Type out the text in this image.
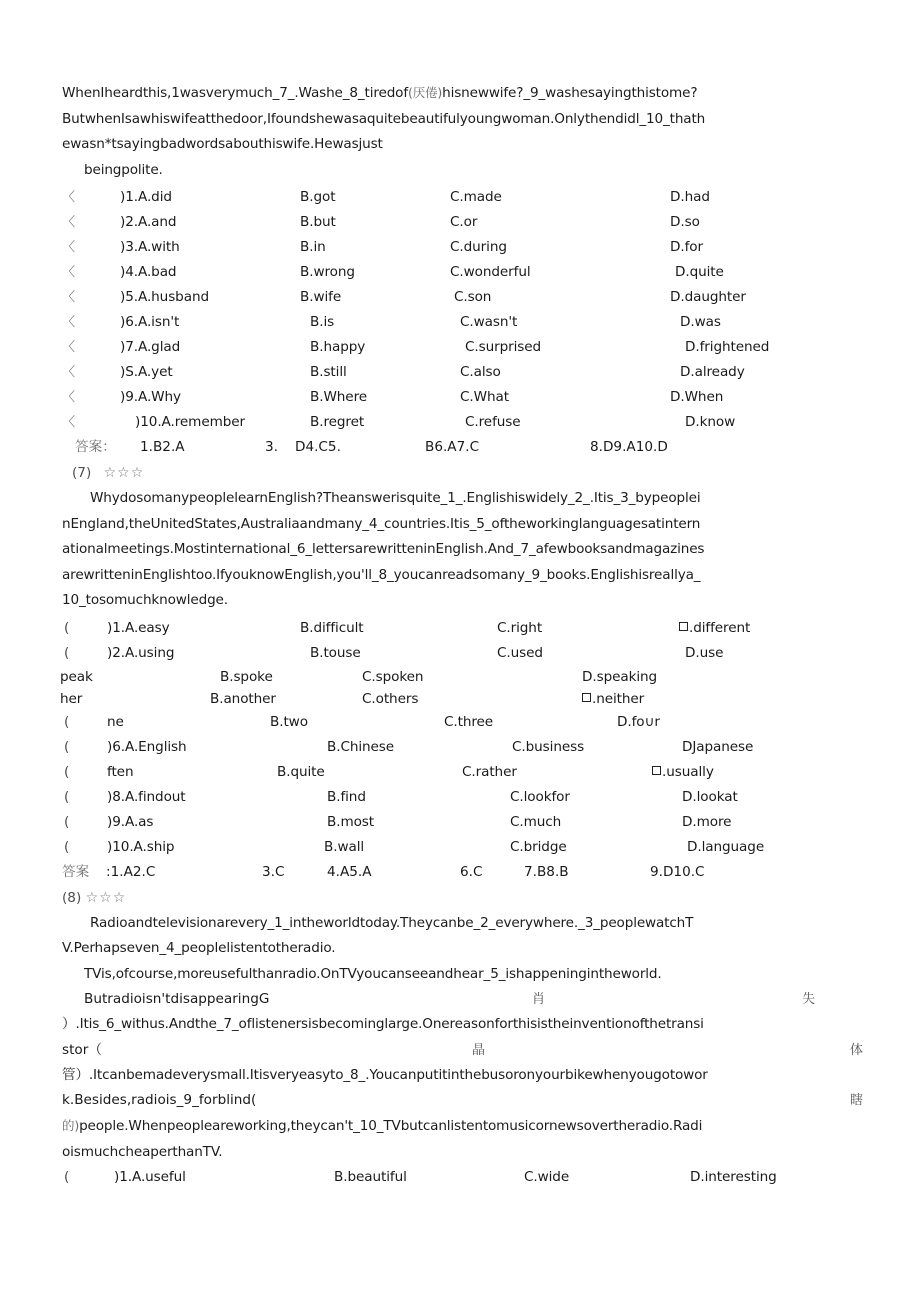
WhenIheardthis,1wasverymuch_7_.Washe_8_tiredof(厌倦)hisnewwife?_9_washesayingthistome?
ButwhenIsawhiswifeatthedoor,Ifoundshewasaquitebeautifulyoungwoman.Onlythendidl_10_thath
ewasn*tsayingbadwordsabouthiswife.Hewasjust
beingpolite.
〈	)1.A.did	B.got	C.made	D.had
〈	)2.A.and	B.but	C.or	D.so
〈	)3.A.with	B.in	C.during	D.for
〈	)4.A.bad	B.wrong	C.wonderful	D.quite
〈	)5.A.husband	B.wife	C.son	D.daughter
〈	)6.A.isn't	B.is	C.wasn't	D.was
〈	)7.A.glad	B.happy	C.surprised	D.frightened
〈	)S.A.yet	B.still	C.also	D.already
〈	)9.A.Why	B.Where	C.What	D.When
〈	)10.A.remember	B.regret	C.refuse	D.know
答案： 1.B2.A	3. D4.C5.	B6.A7.C	8.D9.A10.D
(7) ☆☆☆
WhydosomanypeoplelearnEnglish?Theanswerisquite_1_.Englishiswidely_2_.Itis_3_bypeoplei
nEngland,theUnitedStates,Australiaandmany_4_countries.Itis_5_oftheworkinglanguagesatintern
ationalmeetings.Mostinternational_6_lettersarewritteninEnglish.And_7_afewbooksandmagazines
arewritteninEnglishtoo.IfyouknowEnglish,you'll_8_youcanreadsomany_9_books.Englishisreallya_
10_tosomuchknowledge.
(	)1.A.easy	B.difficult	C.right	.different
(	)2.A.using	B.touse	C.used	D.use
peak	B.spoke	C.spoken	D.speaking
her	B.another	C.others	.neither
(	ne	B.two	C.three	D.fo∪r
(	)6.A.English	B.Chinese	C.business	DJapanese
(	ften	B.quite	C.rather	.usually
(	)8.A.findout	B.find	C.lookfor	D.lookat
(	)9.A.as	B.most	C.much	D.more
(	)10.A.ship	B.wall	C.bridge	D.language
答案 :1.A2.C	3.C	4.A5.A	6.C	7.B8.B	9.D10.C
(8) ☆☆☆
Radioandtelevisionarevery_1_intheworldtoday.Theycanbe_2_everywhere._3_peoplewatchT
V.Perhapseven_4_peoplelistentotheradio.
TVis,ofcourse,moreusefulthanradio.OnTVyoucanseeandhear_5_ishappeningintheworld.
Butradioisn'tdisappearingG	肖	失
）.Itis_6_withus.Andthe_7_oflistenersisbecominglarge.Onereasonforthisistheinventionofthetransi
stor（	晶	体
管）.Itcanbemadeverysmall.Itisveryeasyto_8_.Youcanputitinthebusoronyourbikewhenyougotowor
k.Besides,radiois_9_forblind(	瞎
的)people.Whenpeopleareworking,theycan't_10_TVbutcanlistentomusicornewsovertheradio.Radi
oismuchcheaperthanTV.
(	)1.A.useful	B.beautiful	C.wide	D.interesting
